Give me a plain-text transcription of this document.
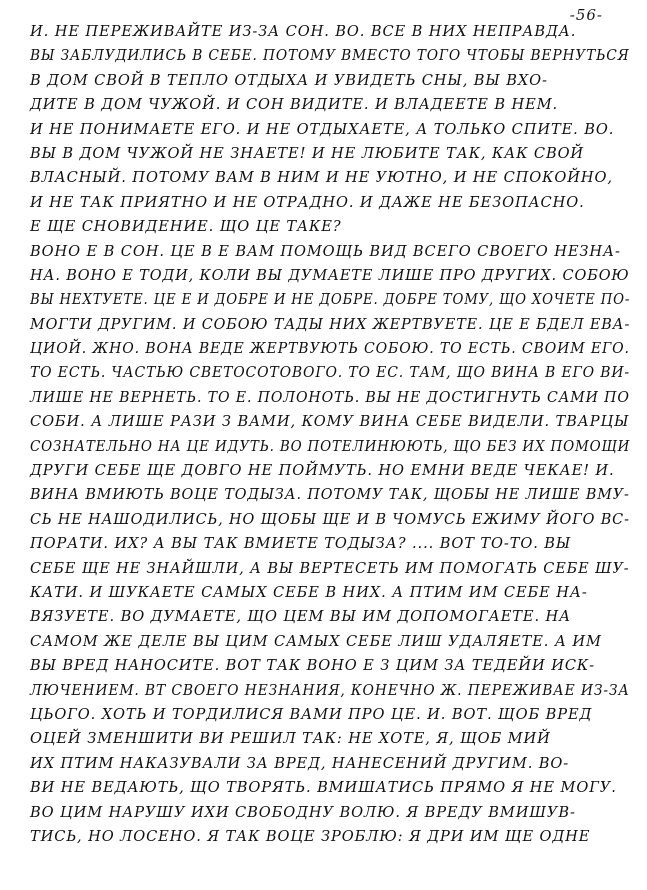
-56-
И. НЕ ПЕРЕЖИВАЙТЕ ИЗ-ЗА СОН. ВО. ВСЕ В НИХ НЕПРАВДА.
ВЫ ЗАБЛУДИЛИСЬ В СЕБЕ. ПОТОМУ ВМЕСТО ТОГО ЧТОБЫ ВЕРНУТЬСЯ
В ДОМ СВОЙ В ТЕПЛО ОТДЫХА И УВИДЕТЬ СНЫ, ВЫ ВХО-
ДИТЕ В ДОМ ЧУЖОЙ. И СОН ВИДИТЕ. И ВЛАДЕЕТЕ В НЕМ.
И НЕ ПОНИМАЕТЕ ЕГО. И НЕ ОТДЫХАЕТЕ, А ТОЛЬКО СПИТЕ. ВО.
ВЫ В ДОМ ЧУЖОЙ НЕ ЗНАЕТЕ! И НЕ ЛЮБИТЕ ТАК, КАК СВОЙ
ВЛАСНЫЙ. ПОТОМУ ВАМ В НИМ И НЕ УЮТНО, И НЕ СПОКОЙНО,
И НЕ ТАК ПРИЯТНО И НЕ ОТРАДНО. И ДАЖЕ НЕ БЕЗОПАСНО.
Е ЩЕ СНОВИДЕНИЕ. ЩО ЦЕ ТАКЕ?
ВОНО Е В СОН. ЦЕ В Е ВАМ ПОМОЩЬ ВИД ВСЕГО СВОЕГО НЕЗНА-
НА. ВОНО Е ТОДИ, КОЛИ ВЫ ДУМАЕТЕ ЛИШЕ ПРО ДРУГИХ. СОБОЮ
ВЫ НЕХТУЕТЕ. ЦЕ Е И ДОБРЕ И НЕ ДОБРЕ. ДОБРЕ ТОМУ, ЩО ХОЧЕТЕ ПО-
МОГТИ ДРУГИМ. И СОБОЮ ТАДЫ НИХ ЖЕРТВУЕТЕ. ЦЕ Е БДЕЛ ЕВА-
ЦИОЙ. ЖНО. ВОНА ВЕДЕ ЖЕРТВУЮТЬ СОБОЮ. ТО ЕСТЬ. СВОИМ ЕГО.
ТО ЕСТЬ. ЧАСТЬЮ СВЕТОСОТОВОГО. ТО ЕС. ТАМ, ЩО ВИНА В ЕГО ВИ-
ЛИШЕ НЕ ВЕРНЕТЬ. ТО Е. ПОЛОНОТЬ. ВЫ НЕ ДОСТИГНУТЬ САМИ ПО
СОБИ. А ЛИШЕ РАЗИ З ВАМИ, КОМУ ВИНА СЕБЕ ВИДЕЛИ. ТВАРЦЫ
СОЗНАТЕЛЬНО НА ЦЕ ИДУТЬ. ВО ПОТЕЛИНЮЮТЬ, ЩО БЕЗ ИХ ПОМОЩИ
ДРУГИ СЕБЕ ЩЕ ДОВГО НЕ ПОЙМУТЬ. НО ЕМНИ ВЕДЕ ЧЕКАЕ! И.
ВИНА ВМИЮТЬ ВОЦЕ ТОДЫЗА. ПОТОМУ ТАК, ЩОБЫ НЕ ЛИШЕ ВМУ-
СЬ НЕ НАШОДИЛИСЬ, НО ЩОБЫ ЩЕ И В ЧОМУСЬ ЕЖИМУ ЙОГО ВС-
ПОРАТИ. ИХ? А ВЫ ТАК ВМИЕТЕ ТОДЫЗА? .... ВОТ ТО-ТО. ВЫ
СЕБЕ ЩЕ НЕ ЗНАЙШЛИ, А ВЫ ВЕРТЕСЕТЬ ИМ ПОМОГАТЬ СЕБЕ ШУ-
КАТИ. И ШУКАЕТЕ САМЫХ СЕБЕ В НИХ. А ПТИМ ИМ СЕБЕ НА-
ВЯЗУЕТЕ. ВО ДУМАЕТЕ, ЩО ЦЕМ ВЫ ИМ ДОПОМОГАЕТЕ. НА
САМОМ ЖЕ ДЕЛЕ ВЫ ЦИМ САМЫХ СЕБЕ ЛИШ УДАЛЯЕТЕ. А ИМ
ВЫ ВРЕД НАНОСИТЕ. ВОТ ТАК ВОНО Е З ЦИМ ЗА ТЕДЕЙИ ИСК-
ЛЮЧЕНИЕМ. ВТ СВОЕГО НЕЗНАНИЯ, КОНЕЧНО Ж. ПЕРЕЖИВАЕ ИЗ-ЗА
ЦЬОГО. ХОТЬ И ТОРДИЛИСЯ ВАМИ ПРО ЦЕ. И. ВОТ. ЩОБ ВРЕД
ОЦЕЙ ЗМЕНШИТИ ВИ РЕШИЛ ТАК: НЕ ХОТЕ, Я, ЩОБ МИЙ
ИХ ПТИМ НАКАЗУВАЛИ ЗА ВРЕД, НАНЕСЕНИЙ ДРУГИМ. ВО-
ВИ НЕ ВЕДАЮТЬ, ЩО ТВОРЯТЬ. ВМИШАТИСЬ ПРЯМО Я НЕ МОГУ.
ВО ЦИМ НАРУШУ ИХИ СВОБОДНУ ВОЛЮ. Я ВРЕДУ ВМИШУВ-
ТИСЬ, НО ЛОСЕНО. Я ТАК ВОЦЕ ЗРОБЛЮ: Я ДРИ ИМ ЩЕ ОДНЕ
